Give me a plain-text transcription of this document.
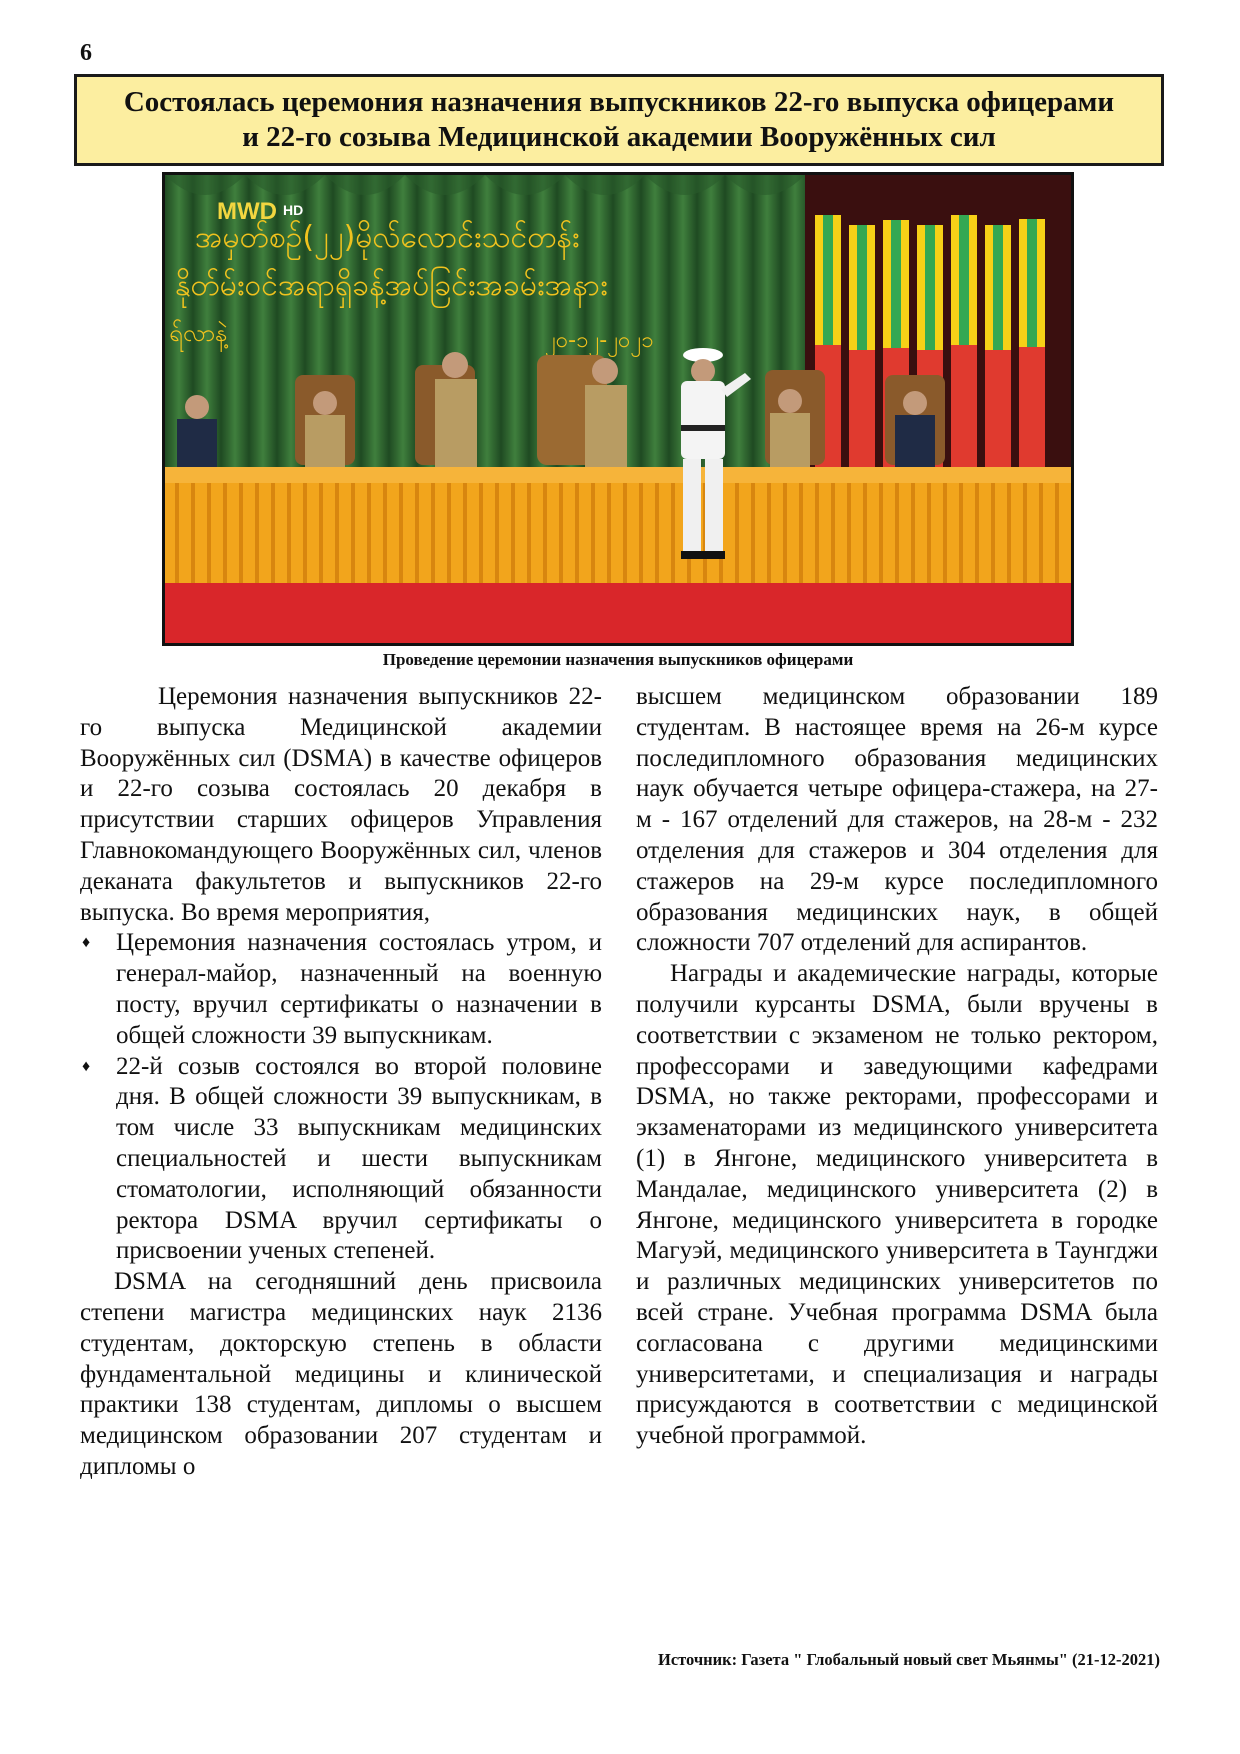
6
Состоялась церемония назначения выпускников 22-го выпуска офицерами
и 22-го созыва Медицинской академии Вооружённых сил
MWD HD
အမှတ်စဉ်(၂၂)မိုလ်လောင်းသင်တန်း
နိုတ်မ်းဝင်အရာရှိခန့်အပ်ခြင်းအခမ်းအနား
ရ်လာနဲ့	၂၀-၁၂-၂၀၂၁
Проведение церемонии назначения выпускников офицерами

Церемония назначения выпускников 22-го выпуска Медицинской академии Вооружённых сил (DSMA) в качестве офицеров и 22-го созыва состоялась 20 декабря в присутствии старших офицеров Управления Главнокомандующего Вооружённых сил, членов деканата факультетов и выпускников 22-го выпуска. Во время мероприятия,

♦ Церемония назначения состоялась утром, и генерал-майор, назначенный на военную посту, вручил сертификаты о назначении в общей сложности 39 выпускникам.
♦ 22-й созыв состоялся во второй половине дня. В общей сложности 39 выпускникам, в том числе 33 выпускникам медицинских специальностей и шести выпускникам стоматологии, исполняющий обязанности ректора DSMA вручил сертификаты о присвоении ученых степеней.

DSMA на сегодняшний день присвоила степени магистра медицинских наук 2136 студентам, докторскую степень в области фундаментальной медицины и клинической практики 138 студентам, дипломы о высшем медицинском образовании 207 студентам и дипломы о

высшем медицинском образовании 189 студентам. В настоящее время на 26-м курсе последипломного образования медицинских наук обучается четыре офицера-стажера, на 27-м - 167 отделений для стажеров, на 28-м - 232 отделения для стажеров и 304 отделения для стажеров на 29-м курсе последипломного образования медицинских наук, в общей сложности 707 отделений для аспирантов.

Награды и академические награды, которые получили курсанты DSMA, были вручены в соответствии с экзаменом не только ректором, профессорами и заведующими кафедрами DSMA, но также ректорами, профессорами и экзаменаторами из медицинского университета (1) в Янгоне, медицинского университета в Мандалае, медицинского университета (2) в Янгоне, медицинского университета в городке Магуэй, медицинского университета в Таунгджи и различных медицинских университетов по всей стране. Учебная программа DSMA была согласована с другими медицинскими университетами, и специализация и награды присуждаются в соответствии с медицинской учебной программой.

Источник: Газета " Глобальный новый свет Мьянмы" (21-12-2021)
